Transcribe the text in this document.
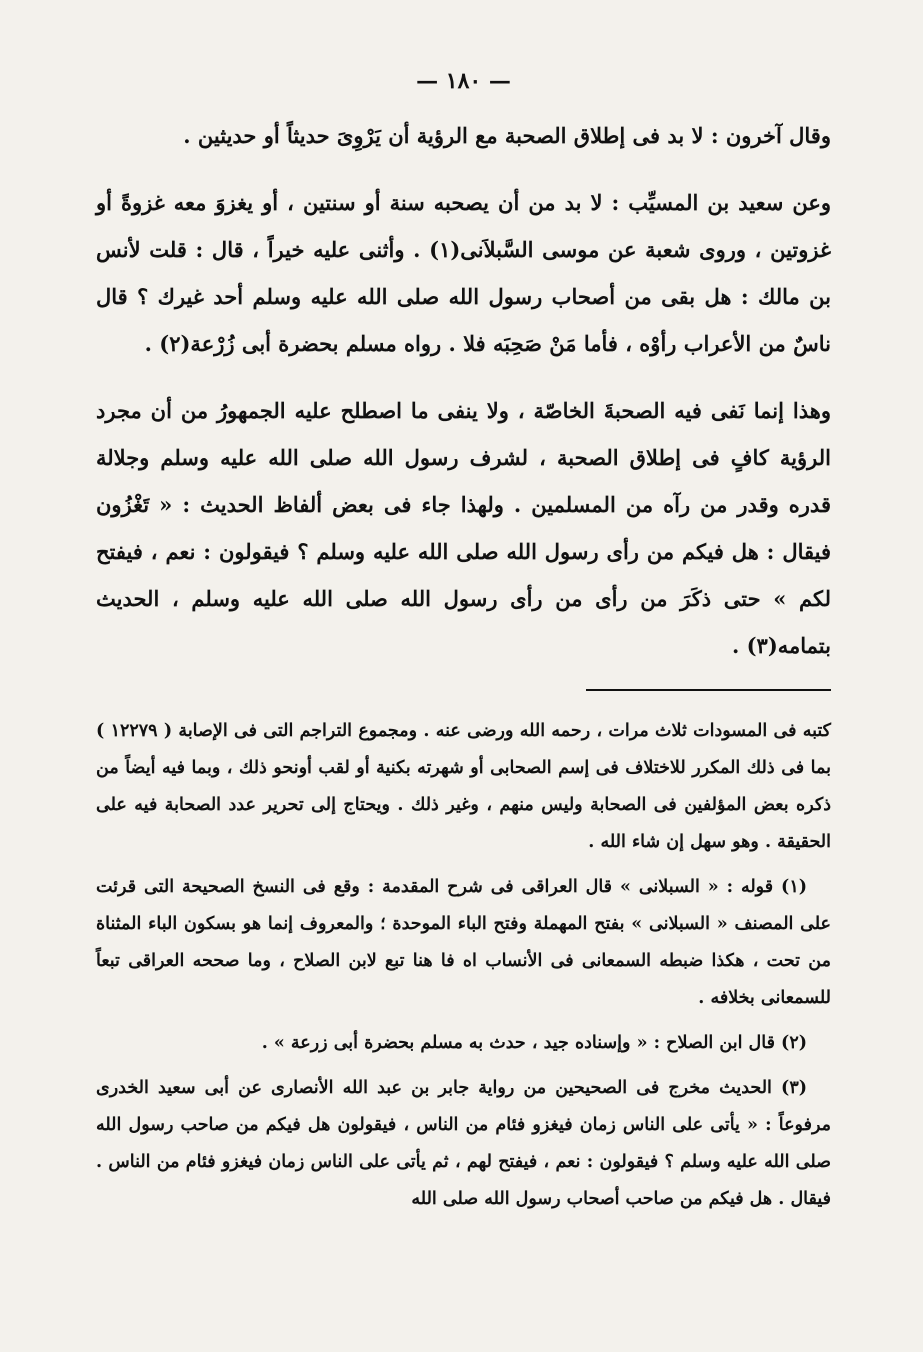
— ١٨٠ —

وقال آخرون : لا بد فى إطلاق الصحبة مع الرؤية أن يَرْوِىَ حديثاً أو حديثين .

وعن سعيد بن المسيِّب : لا بد من أن يصحبه سنة أو سنتين ، أو يغزوَ معه غزوةً أو غزوتين ، وروى شعبة عن موسى السَّبلاَنى(١) . وأثنى عليه خيراً ، قال : قلت لأنس بن مالك : هل بقى من أصحاب رسول الله صلى الله عليه وسلم أحد غيرك ؟ قال ناسٌ من الأعراب رأوْه ، فأما مَنْ صَحِبَه فلا . رواه مسلم بحضرة أبى زُرْعة(٢) .

وهذا إنما نَفى فيه الصحبةَ الخاصّة ، ولا ينفى ما اصطلح عليه الجمهورُ من أن مجرد الرؤية كافٍ فى إطلاق الصحبة ، لشرف رسول الله صلى الله عليه وسلم وجلالة قدره وقدر من رآه من المسلمين . ولهذا جاء فى بعض ألفاظ الحديث : « تَغْزُون فيقال : هل فيكم من رأى رسول الله صلى الله عليه وسلم ؟ فيقولون : نعم ، فيفتح لكم » حتى ذكَرَ من رأى من رأى رسول الله صلى الله عليه وسلم ، الحديث بتمامه(٣) .

كتبه فى المسودات ثلاث مرات ، رحمه الله ورضى عنه . ومجموع التراجم التى فى الإصابة ( ١٢٢٧٩ ) بما فى ذلك المكرر للاختلاف فى إسم الصحابى أو شهرته بكنية أو لقب أونحو ذلك ، وبما فيه أيضاً من ذكره بعض المؤلفين فى الصحابة وليس منهم ، وغير ذلك . ويحتاج إلى تحرير عدد الصحابة فيه على الحقيقة . وهو سهل إن شاء الله .

(١) قوله : « السبلانى » قال العراقى فى شرح المقدمة : وقع فى النسخ الصحيحة التى قرئت على المصنف « السبلانى » بفتح المهملة وفتح الباء الموحدة ؛ والمعروف إنما هو بسكون الباء المثناة من تحت ، هكذا ضبطه السمعانى فى الأنساب اه فا هنا تبع لابن الصلاح ، وما صححه العراقى تبعاً للسمعانى بخلافه .

(٢) قال ابن الصلاح : « وإسناده جيد ، حدث به مسلم بحضرة أبى زرعة » .

(٣) الحديث مخرج فى الصحيحين من رواية جابر بن عبد الله الأنصارى عن أبى سعيد الخدرى مرفوعاً : « يأتى على الناس زمان فيغزو فئام من الناس ، فيقولون هل فيكم من صاحب رسول الله صلى الله عليه وسلم ؟ فيقولون : نعم ، فيفتح لهم ، ثم يأتى على الناس زمان فيغزو فئام من الناس . فيقال . هل فيكم من صاحب أصحاب رسول الله صلى الله
